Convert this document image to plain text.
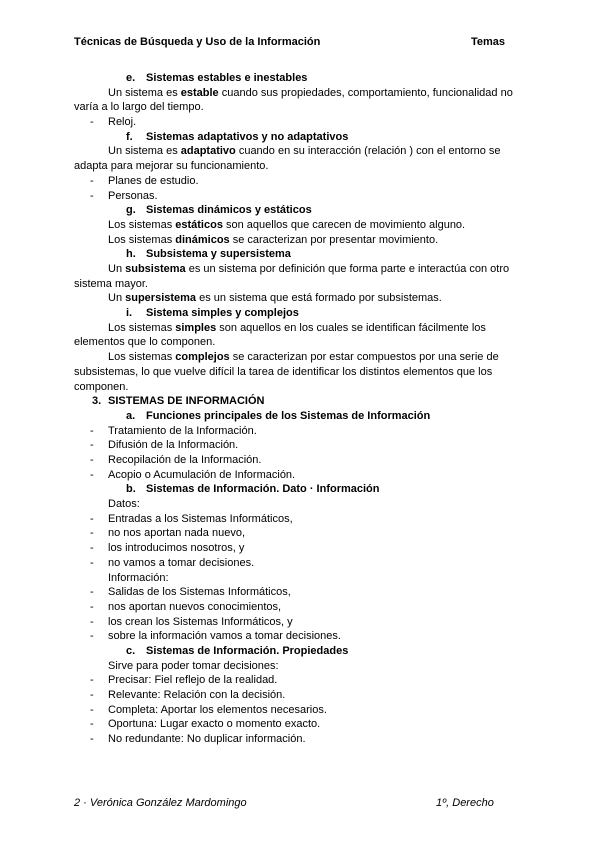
Técnicas de Búsqueda y Uso de la Información	Temas
e. Sistemas estables e inestables
Un sistema es estable cuando sus propiedades, comportamiento, funcionalidad no varía a lo largo del tiempo.
- Reloj.
f. Sistemas adaptativos y no adaptativos
Un sistema es adaptativo cuando en su interacción (relación ) con el entorno se adapta para mejorar su funcionamiento.
- Planes de estudio.
- Personas.
g. Sistemas dinámicos y estáticos
Los sistemas estáticos son aquellos que carecen de movimiento alguno.
Los sistemas dinámicos se caracterizan por presentar movimiento.
h. Subsistema y supersistema
Un subsistema es un sistema por definición que forma parte e interactúa con otro sistema mayor.
Un supersistema es un sistema que está formado por subsistemas.
i. Sistema simples y complejos
Los sistemas simples son aquellos en los cuales se identifican fácilmente los elementos que lo componen.
Los sistemas complejos se caracterizan por estar compuestos por una serie de subsistemas, lo que vuelve difícil la tarea de identificar los distintos elementos que los componen.
3. SISTEMAS DE INFORMACIÓN
a. Funciones principales de los Sistemas de Información
- Tratamiento de la Información.
- Difusión de la Información.
- Recopilación de la Información.
- Acopio o Acumulación de Información.
b. Sistemas de Información. Dato · Información
Datos:
- Entradas a los Sistemas Informáticos,
- no nos aportan nada nuevo,
- los introducimos nosotros, y
- no vamos a tomar decisiones.
Información:
- Salidas de los Sistemas Informáticos,
- nos aportan nuevos conocimientos,
- los crean los Sistemas Informáticos, y
- sobre la información vamos a tomar decisiones.
c. Sistemas de Información. Propiedades
Sirve para poder tomar decisiones:
- Precisar: Fiel reflejo de la realidad.
- Relevante: Relación con la decisión.
- Completa: Aportar los elementos necesarios.
- Oportuna: Lugar exacto o momento exacto.
- No redundante: No duplicar información.
2 · Verónica González Mardomingo	1º, Derecho
